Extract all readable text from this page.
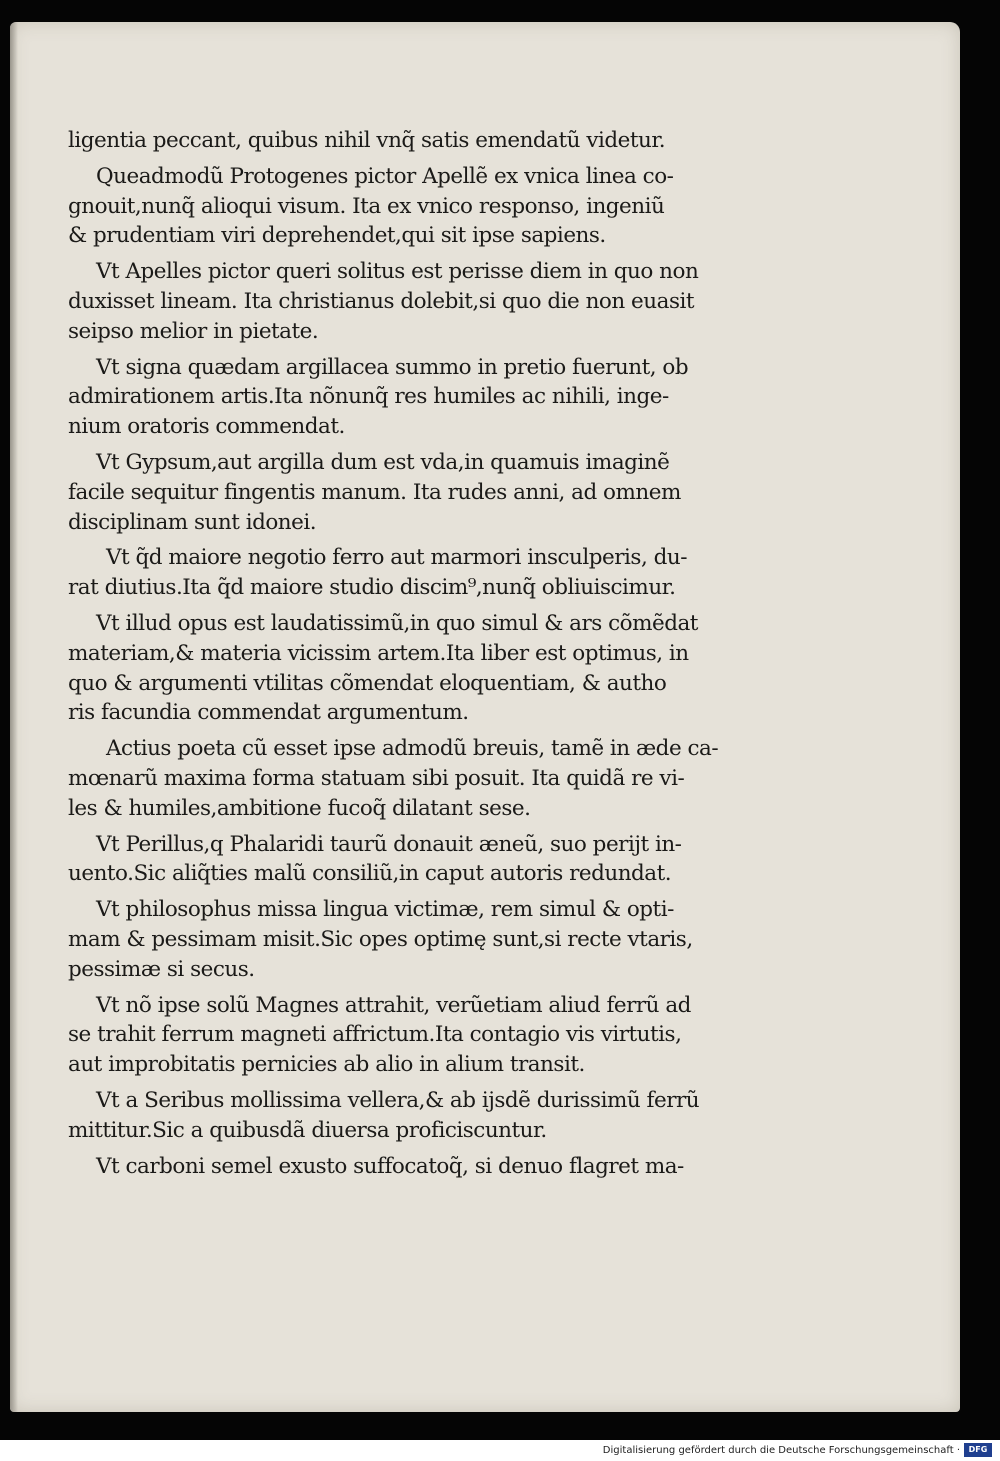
ligentia peccant, quibus nihil vnq̃ satis emendatũ videtur.
Queadmodũ Protogenes pictor Apellẽ ex vnica linea co‐
gnouit,nunq̃ alioqui visum. Ita ex vnico responso, ingeniũ
& prudentiam viri deprehendet,qui sit ipse sapiens.
Vt Apelles pictor queri solitus est perisse diem in quo non
duxisset lineam. Ita christianus dolebit,si quo die non euasit
seipso melior in pietate.
Vt signa quædam argillacea summo in pretio fuerunt, ob
admirationem artis.Ita nõnunq̃ res humiles ac nihili, inge‐
nium oratoris commendat.
Vt Gypsum,aut argilla dum est vda,in quamuis imaginẽ
facile sequitur fingentis manum. Ita rudes anni, ad omnem
disciplinam sunt idonei.
Vt q̃d maiore negotio ferro aut marmori insculperis, du‐
rat diutius.Ita q̃d maiore studio discim⁹,nunq̃ obliuiscimur.
Vt illud opus est laudatissimũ,in quo simul & ars cõmẽdat
materiam,& materia vicissim artem.Ita liber est optimus, in
quo & argumenti vtilitas cõmendat eloquentiam, & autho
ris facundia commendat argumentum.
Actius poeta cũ esset ipse admodũ breuis, tamẽ in æde ca‐
mœnarũ maxima forma statuam sibi posuit. Ita quidã re vi‐
les & humiles,ambitione fucoq̃ dilatant sese.
Vt Perillus,q Phalaridi taurũ donauit æneũ, suo perijt in‐
uento.Sic aliq̃ties malũ consiliũ,in caput autoris redundat.
Vt philosophus missa lingua victimæ, rem simul & opti‐
mam & pessimam misit.Sic opes optimę sunt,si recte vtaris,
pessimæ si secus.
Vt nõ ipse solũ Magnes attrahit, verũetiam aliud ferrũ ad
se trahit ferrum magneti affrictum.Ita contagio vis virtutis,
aut improbitatis pernicies ab alio in alium transit.
Vt a Seribus mollissima vellera,& ab ijsdẽ durissimũ ferrũ
mittitur.Sic a quibusdã diuersa proficiscuntur.
Vt carboni semel exusto suffocatoq̃, si denuo flagret ma‐
Digitalisierung gefördert durch die Deutsche Forschungsgemeinschaft ·	DFG
